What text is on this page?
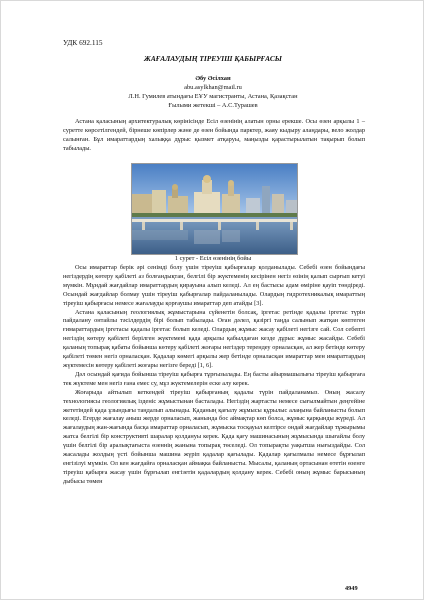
УДК 692.115
ЖАҒАЛАУДЫҢ ТІРЕУІШ ҚАБЫРҒАСЫ
Әбу Әсілхан
abu.asylkhan@mail.ru
Л.Н. Гумилев атындағы ЕҰУ магистранты, Астана, Қазақстан
Ғылыми жетекші – А.С.Турашев

Астана қаласының архитектуралық көрінісінде Есіл өзенінің алатын орны ерекше. Осы өзен арқылы 1 – суретте көрсетілгендей, бірнеше көпірлер және де өзен бойында парктер, жаяу кыдыру алаңдары, вело жолдар салынған. Бұл имараттардың халыққа дұрыс қызмет атқаруы, маңызды қарастырылатын тақырып болып табылады.

1 сурет - Есіл өзенінің бойы

Осы имараттар берік әрі сенімді болу үшін тіреуіш қабырғалар қолданылады. Себебі өзен бойындағы негіздердің көтеру қабілеті аз болғандықтан, белгілі бір жүктеменің кесірінен негіз өзінің қалып сырғып кетуі мүмкін. Мұндай жағдайлар имараттардың қирауына алып келеді. Ал ең бастысы адам өміріне қауіп төндіреді. Осындай жағдайлар болмау үшін тіреуіш қабырғалар пайдаланылады. Олардың гидротехникалық имараттың тіреуіш қабырғасы немесе жағалауды қорғаушы имараттар деп атайды [3].

Астана қаласының геологиялық жұмыстарына сүйенетін болсақ, іргетас ретінде қадалы іргетас түрін пайдалану онтайлы тәсілдердің бірі болып табылады. Оған дәлел, қазіргі таңда салынып жатқан көптеген ғимараттардың іргетасы қадалы іргетас болып келеді. Олардың жұмыс жасау қабілеті негізге сай. Сол себепті негіздің көтеру қабілеті берілген жүктемені қада арқылы қабылдаған кезде дұрыс жұмыс жасайды. Себебі қаланың топырақ қабаты бойынша көтеру қабілеті жоғары негіздер терендеу орналасқан, ал жер бетінде көтеру қабілеті төмен негіз орналасқан. Қадалар көмегі арқылы жер бетінде орналасқан имараттар мен имараттардың жүктемесін көтеру қабілеті жоғары негізге береді [1, 6].

Дәл осындай қағида бойынша тіреуіш қабырға тұрғызылады. Ең басты айырмашылығы тіреуіш қабырғаға тек жүктеме мен негіз ғана емес су, мұз жүктемелерін еске алу керек.

Жоғарыда айтылып кеткендей тіреуіш қабырғаның қадалы түрін пайдаланамыз. Оның жасалу технологиясы геологиялық ізденіс жұмыстынан басталады. Негіздің жартасты немесе сығылмайтын деңгейіне жететіндей қада ұзындығы таңдалып алынады. Қаданың қағылу жұмысы құрылыс алаңына байланысты болып келеді. Егерде жағалау аныш жерде орналасып, жанында бос аймақтар көп болса, жұмыс қарқынды жүреді. Ал жағалаудың жан-жағында басқа имараттар орналасып, жұмыска тосқауыл келтірсе ондай жағдайлар тұжырымы жатса белгілі бір конструктивті шаралар қолдануы керек. Қада қағу машинасының жұмысында шығайлы болу үшін белгілі бір аралықтағыста өзеннің жанына топырақ төселеді. Ол топырақты уақытша нығыздайды. Сол жасалады жолдың үсті бойынша машина жүріп қадалар қағылады. Қадалар қағылмалы немесе бұрғылап енгізілуі мүмкін. Ол кен жағдайға орналасқан аймақка байланысты. Мысалы, қаланың ортасынан өтетін өзенге тіреуіш қабырға жасау үшін бұрғылап енгізетін қадалардың қолдану керек. Себебі оның жұмыс барысының дыбысы төмен

4949
